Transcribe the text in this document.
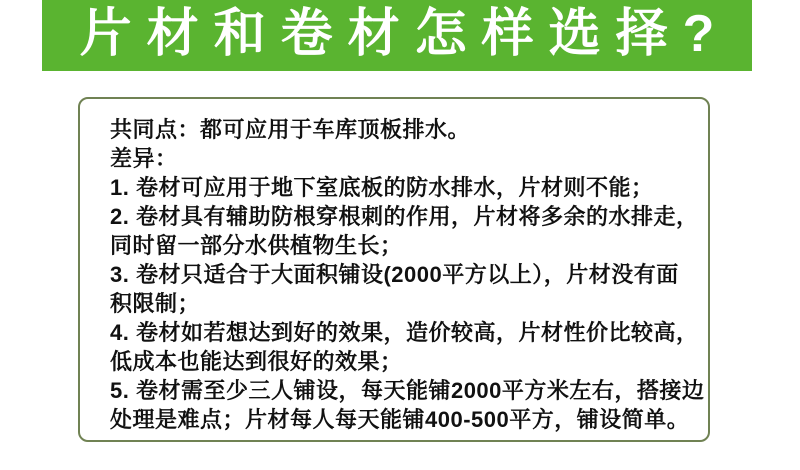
片材和卷材怎样选择?
共同点：都可应用于车库顶板排水。
差异：
1. 卷材可应用于地下室底板的防水排水，片材则不能；
2. 卷材具有辅助防根穿根刺的作用，片材将多余的水排走，
同时留一部分水供植物生长；
3. 卷材只适合于大面积铺设(2000平方以上），片材没有面
积限制；
4. 卷材如若想达到好的效果，造价较高，片材性价比较高，
低成本也能达到很好的效果；
5. 卷材需至少三人铺设，每天能铺2000平方米左右，搭接边
处理是难点；片材每人每天能铺400-500平方，铺设简单。
